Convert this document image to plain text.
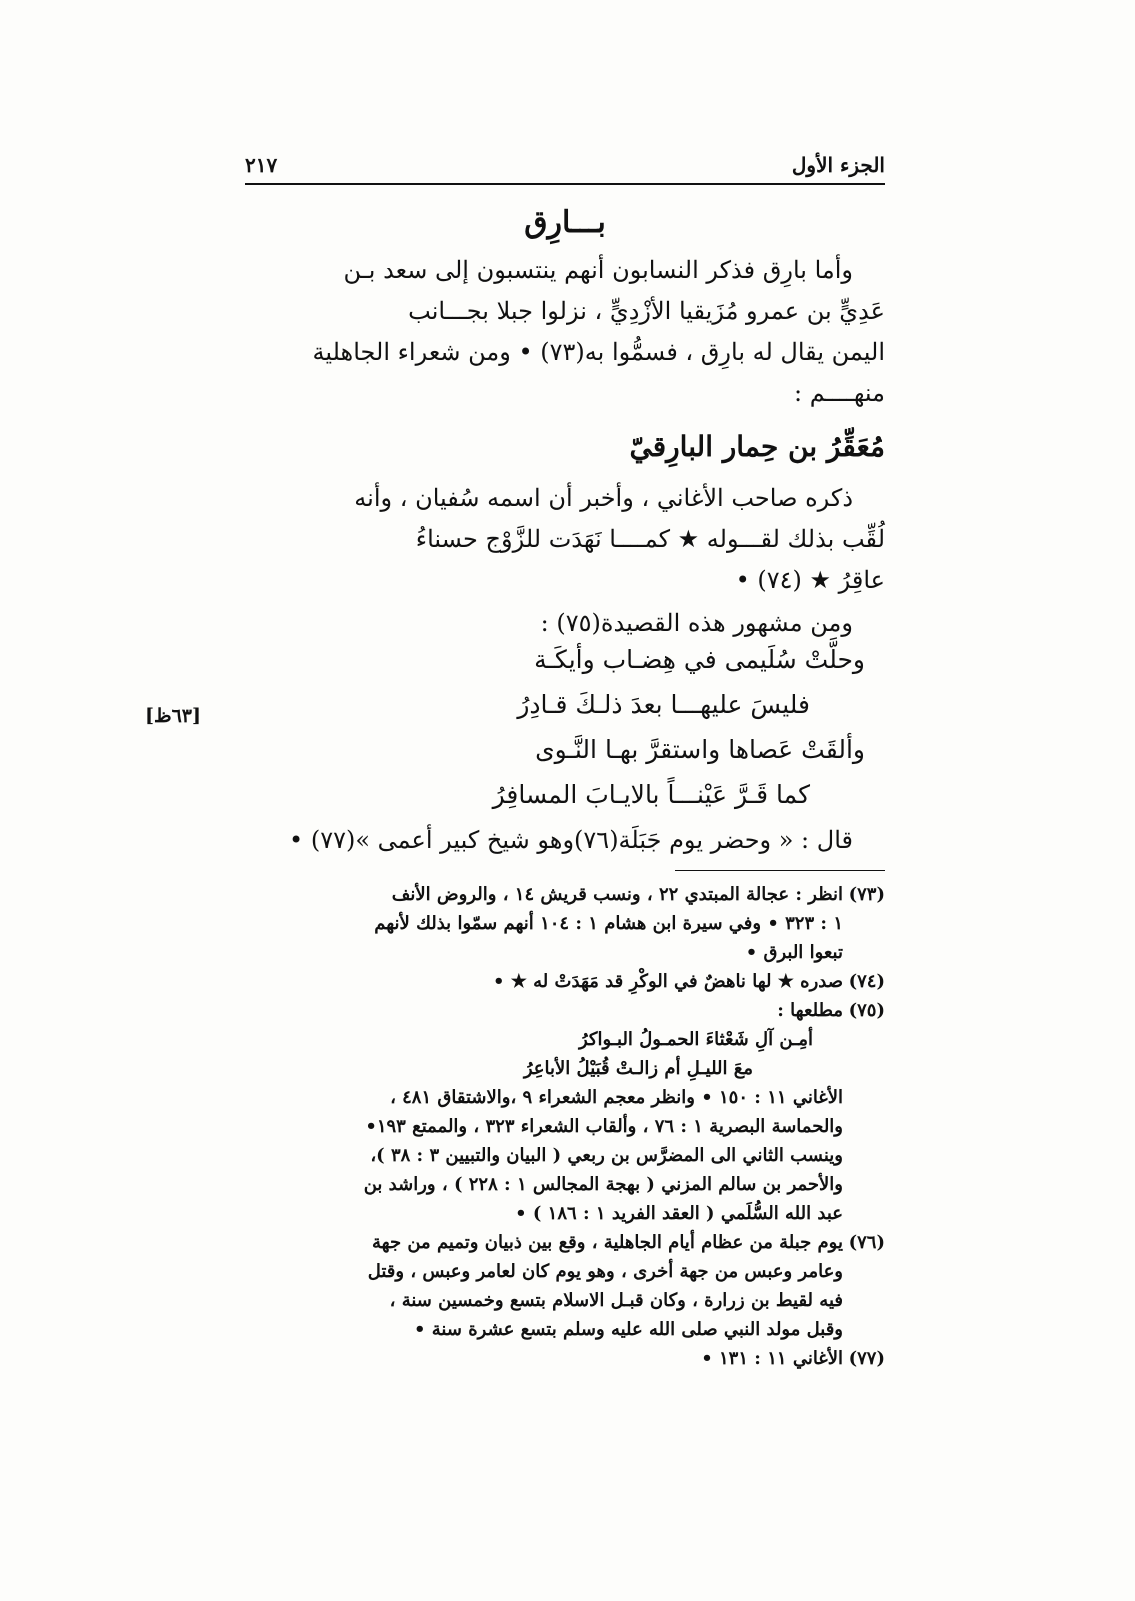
٢١٧	الجزء الأول
بـــارِق

وأما بارِق فذكر النسابون أنهم ينتسبون إلى سعد بـن

عَدِيٍّ بن عمرو مُزَيقيا الأزْدِيٍّ ، نزلوا جبلا بجـــانب

اليمن يقال له بارِق ، فسمُّوا به(٧٣) • ومن شعراء الجاهلية

منهــــم :

مُعَقِّرُ بن حِمار البارِقيّ

ذكره صاحب الأغاني ، وأخبر أن اسمه سُفيان ، وأنه

لُقِّب بذلك لقـــوله ★ كمــــا نَهَدَت للزَّوْج حسناءُ

عاقِرُ ★ (٧٤) •

ومن مشهور هذه القصيدة(٧٥) :

وحلَّتْ سُلَيمى في هِضـاب وأيكَـة
فليسَ عليهـــا بعدَ ذلـكَ قـادِرُ
وألقَتْ عَصاها واستقرَّ بهـا النَّـوى
كما قَـرَّ عَيْنـــاً بالايـابَ المسافِرُ
[٦٣ظ]

قال : « وحضر يوم جَبَلَة(٧٦)وهو شيخ كبير أعمى »(٧٧) •

(٧٣)
انظر : عجالة المبتدي ٢٢ ، ونسب قريش ١٤ ، والروض الأنف
١ : ٣٢٣ • وفي سيرة ابن هشام ١ : ١٠٤ أنهم سمّوا بذلك لأنهم
تبعوا البرق •
(٧٤)
صدره ★ لها ناهضٌ في الوكْرِ قد مَهَدَتْ له ★ •
(٧٥)
مطلعها :
أمِـن آلِ شَعْثاءَ الحمـولُ البـواكرُ
معَ الليـلِ أم زالـتْ قُبَيْلُ الأباعِرُ
الأغاني ١١ : ١٥٠ • وانظر معجم الشعراء ٩ ،والاشتقاق ٤٨١ ،
والحماسة البصرية ١ : ٧٦ ، وألقاب الشعراء ٣٢٣ ، والممتع ١٩٣•
وينسب الثاني الى المضرَّس بن ربعي ( البيان والتبيين ٣ : ٣٨ )،
والأحمر بن سالم المزني ( بهجة المجالس ١ : ٢٢٨ ) ، وراشد بن
عبد الله السُّلَمي ( العقد الفريد ١ : ١٨٦ ) •
(٧٦)
يوم جبلة من عظام أيام الجاهلية ، وقع بين ذبيان وتميم من جهة
وعامر وعبس من جهة أخرى ، وهو يوم كان لعامر وعبس ، وقتل
فيه لقيط بن زرارة ، وكان قبـل الاسلام بتسع وخمسين سنة ،
وقبل مولد النبي صلى الله عليه وسلم بتسع عشرة سنة •
(٧٧)
الأغاني ١١ : ١٣١ •
